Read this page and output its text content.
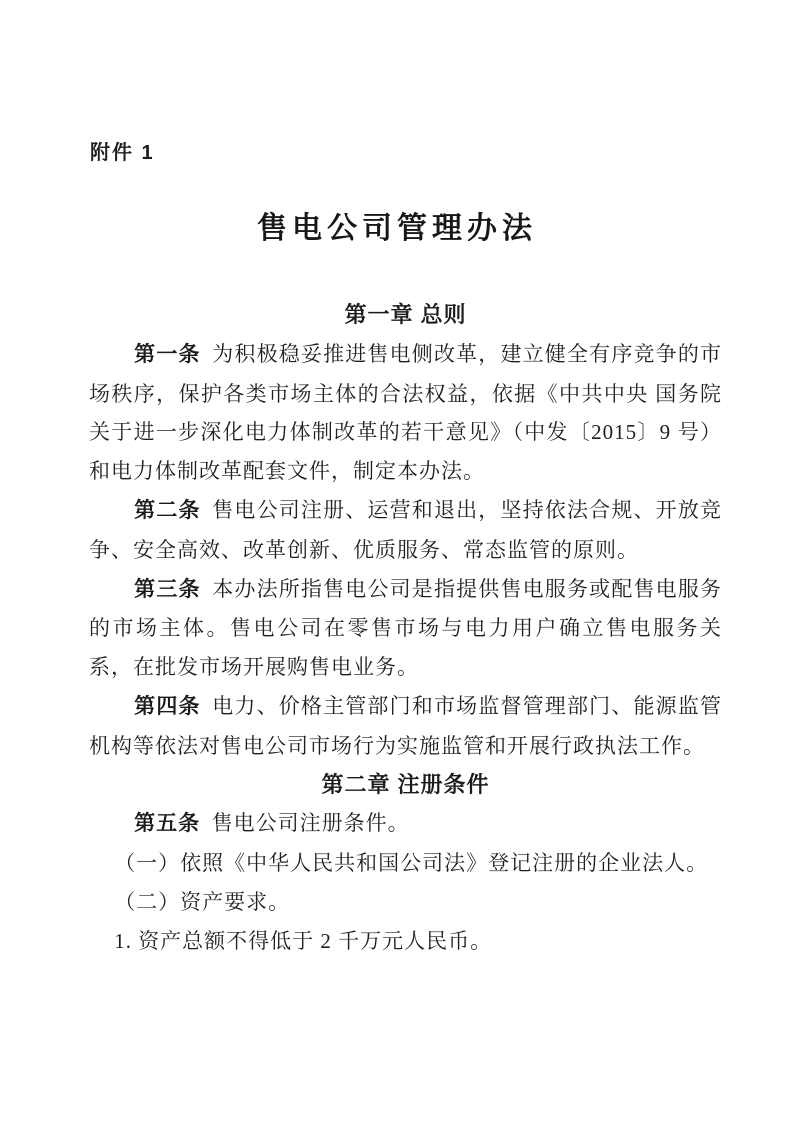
附件 1
售电公司管理办法
第一章 总则

第一条 为积极稳妥推进售电侧改革，建立健全有序竞争的市场秩序，保护各类市场主体的合法权益，依据《中共中央 国务院关于进一步深化电力体制改革的若干意见》（中发〔2015〕9 号）和电力体制改革配套文件，制定本办法。

第二条 售电公司注册、运营和退出，坚持依法合规、开放竞争、安全高效、改革创新、优质服务、常态监管的原则。

第三条 本办法所指售电公司是指提供售电服务或配售电服务的市场主体。售电公司在零售市场与电力用户确立售电服务关系，在批发市场开展购售电业务。

第四条 电力、价格主管部门和市场监督管理部门、能源监管机构等依法对售电公司市场行为实施监管和开展行政执法工作。

第二章 注册条件

第五条 售电公司注册条件。

（一）依照《中华人民共和国公司法》登记注册的企业法人。

（二）资产要求。

1. 资产总额不得低于 2 千万元人民币。
